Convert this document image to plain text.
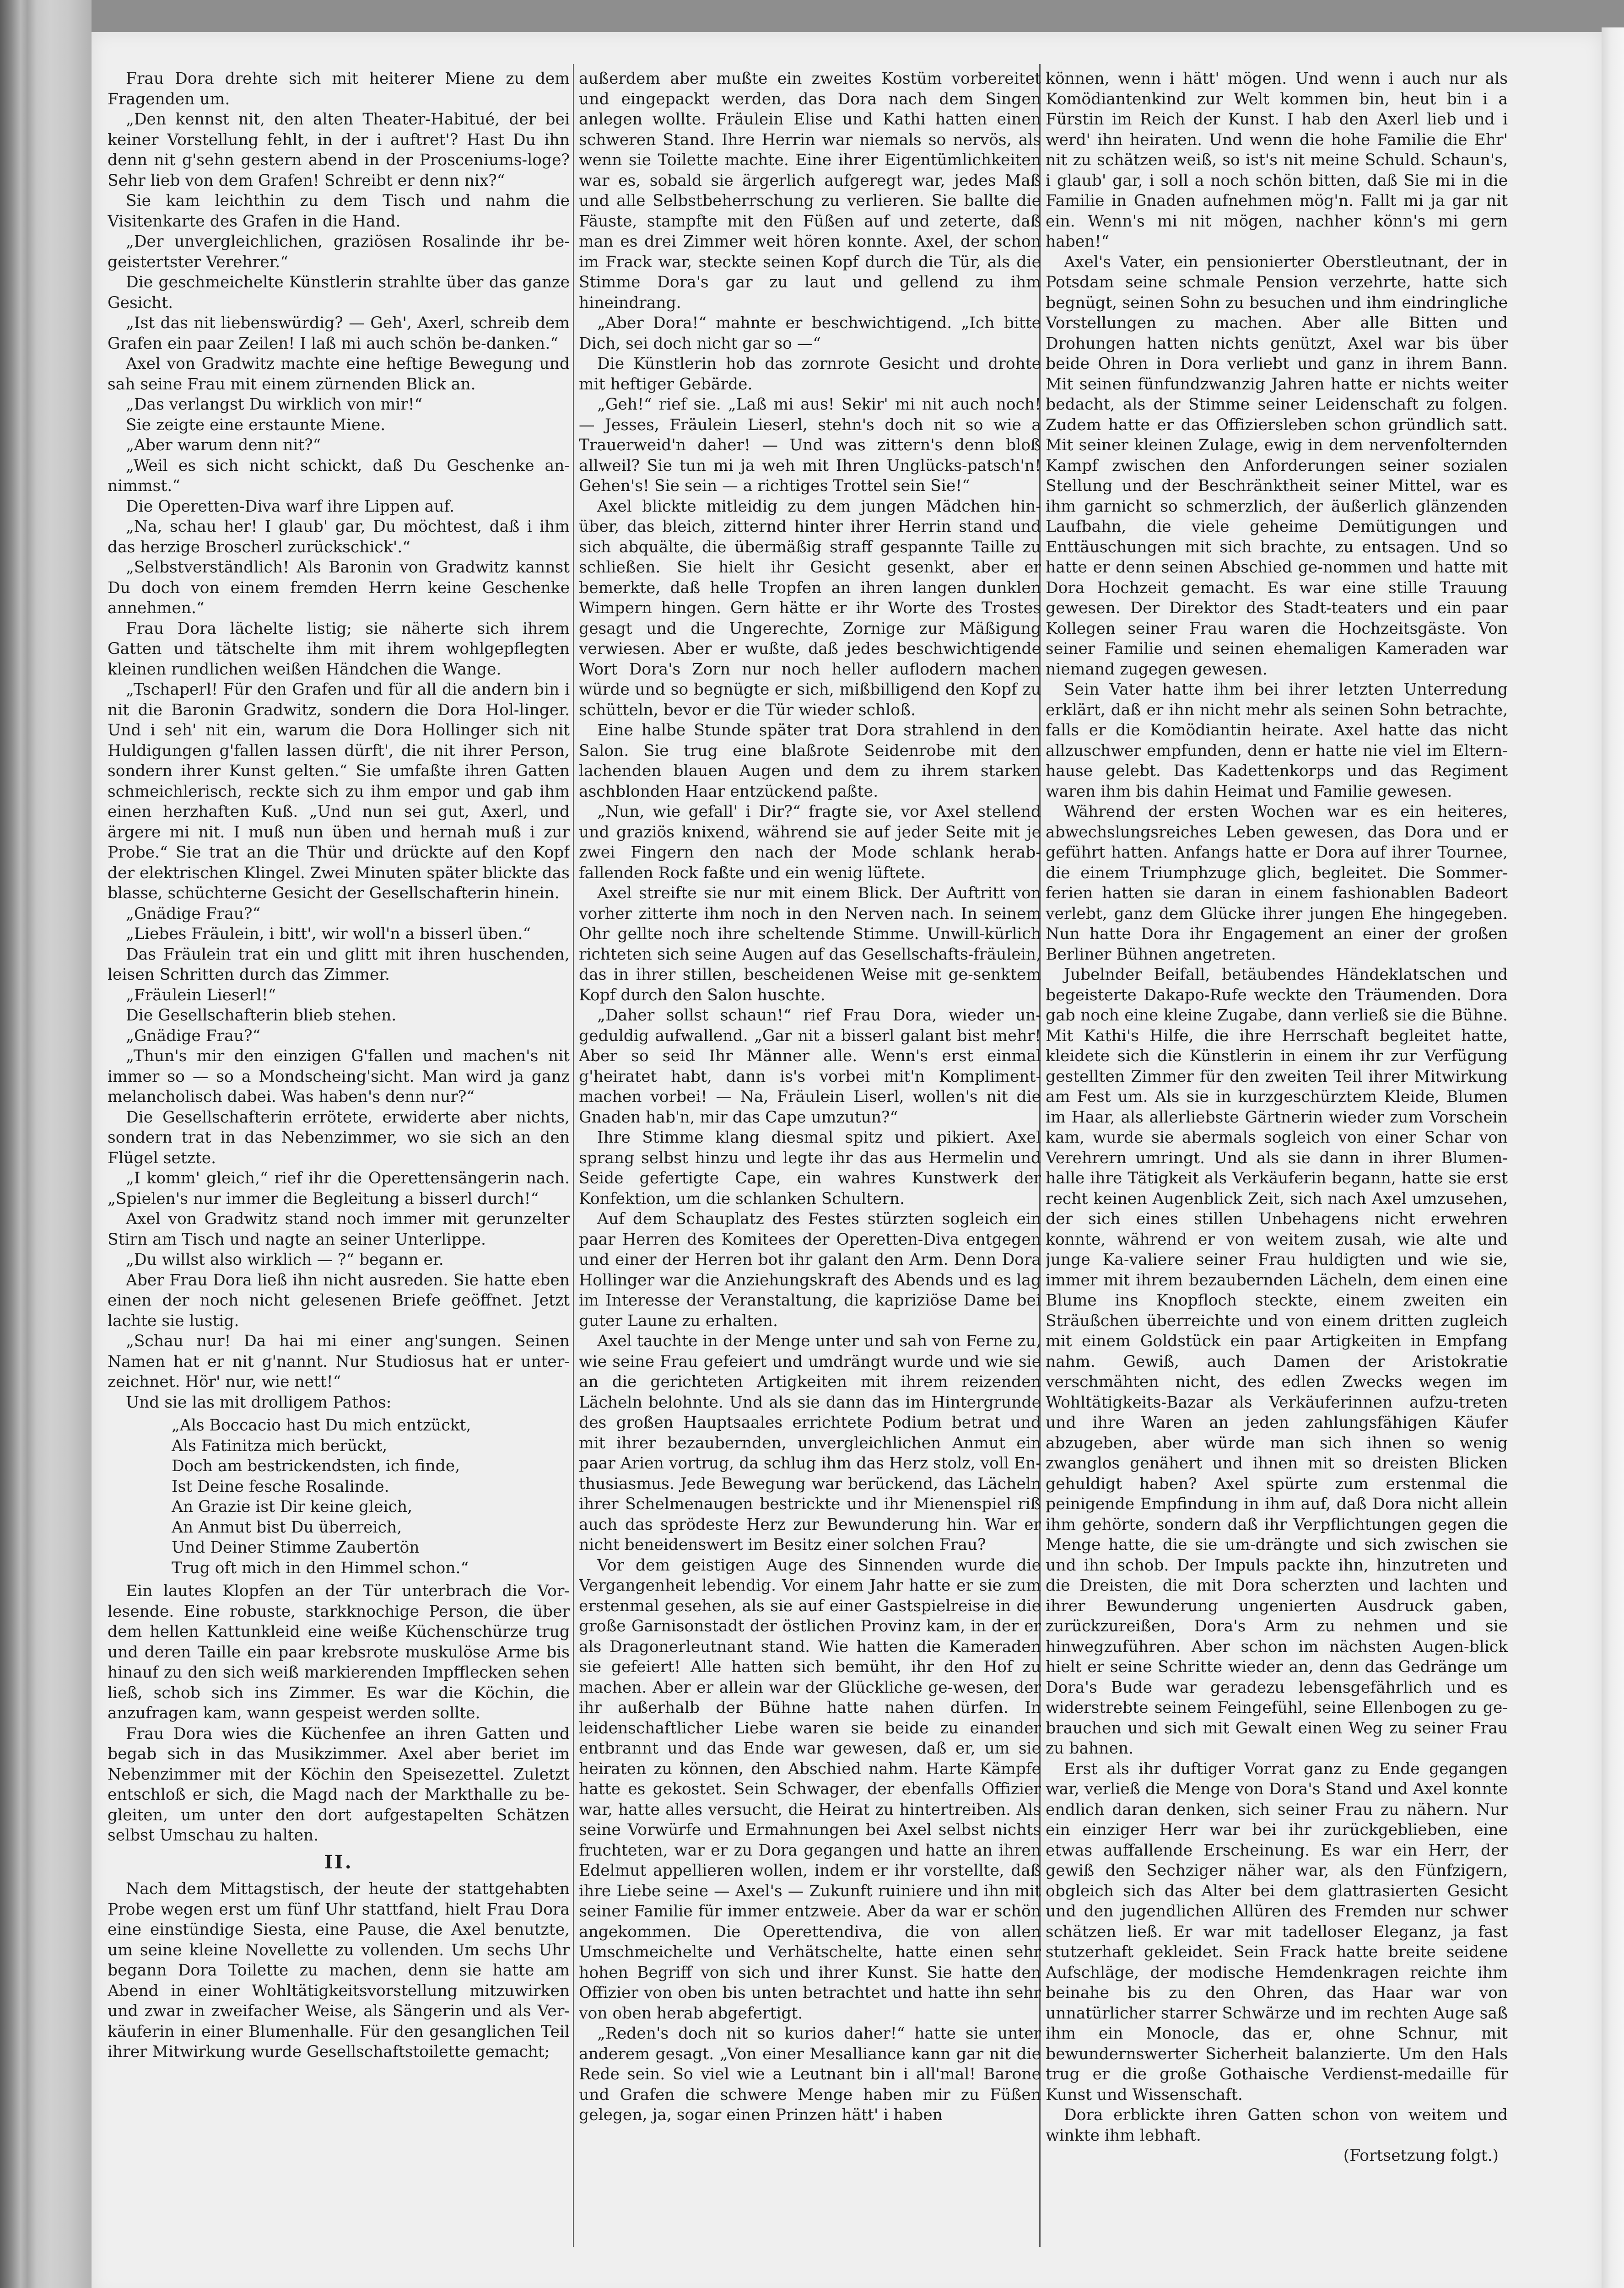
Frau Dora drehte sich mit heiterer Miene zu dem Fragenden um.

„Den kennst nit, den alten Theater-Habitué, der bei keiner Vorstellung fehlt, in der i auftret'? Hast Du ihn denn nit g'sehn gestern abend in der Prosceniums-loge? Sehr lieb von dem Grafen! Schreibt er denn nix?“

Sie kam leichthin zu dem Tisch und nahm die Visitenkarte des Grafen in die Hand.

„Der unvergleichlichen, graziösen Rosalinde ihr be-geistertster Verehrer.“

Die geschmeichelte Künstlerin strahlte über das ganze Gesicht.

„Ist das nit liebenswürdig? — Geh', Axerl, schreib dem Grafen ein paar Zeilen! I laß mi auch schön be-danken.“

Axel von Gradwitz machte eine heftige Bewegung und sah seine Frau mit einem zürnenden Blick an.

„Das verlangst Du wirklich von mir!“

Sie zeigte eine erstaunte Miene.

„Aber warum denn nit?“

„Weil es sich nicht schickt, daß Du Geschenke an-nimmst.“

Die Operetten-Diva warf ihre Lippen auf.

„Na, schau her! I glaub' gar, Du möchtest, daß i ihm das herzige Broscherl zurückschick'.“

„Selbstverständlich! Als Baronin von Gradwitz kannst Du doch von einem fremden Herrn keine Geschenke annehmen.“

Frau Dora lächelte listig; sie näherte sich ihrem Gatten und tätschelte ihm mit ihrem wohlgepflegten kleinen rundlichen weißen Händchen die Wange.

„Tschaperl! Für den Grafen und für all die andern bin i nit die Baronin Gradwitz, sondern die Dora Hol-linger. Und i seh' nit ein, warum die Dora Hollinger sich nit Huldigungen g'fallen lassen dürft', die nit ihrer Person, sondern ihrer Kunst gelten.“ Sie umfaßte ihren Gatten schmeichlerisch, reckte sich zu ihm empor und gab ihm einen herzhaften Kuß. „Und nun sei gut, Axerl, und ärgere mi nit. I muß nun üben und hernah muß i zur Probe.“ Sie trat an die Thür und drückte auf den Kopf der elektrischen Klingel. Zwei Minuten später blickte das blasse, schüchterne Gesicht der Gesellschafterin hinein.

„Gnädige Frau?“

„Liebes Fräulein, i bitt', wir woll'n a bisserl üben.“

Das Fräulein trat ein und glitt mit ihren huschenden, leisen Schritten durch das Zimmer.

„Fräulein Lieserl!“

Die Gesellschafterin blieb stehen.

„Gnädige Frau?“

„Thun's mir den einzigen G'fallen und machen's nit immer so — so a Mondscheing'sicht. Man wird ja ganz melancholisch dabei. Was haben's denn nur?“

Die Gesellschafterin errötete, erwiderte aber nichts, sondern trat in das Nebenzimmer, wo sie sich an den Flügel setzte.

„I komm' gleich,“ rief ihr die Operettensängerin nach. „Spielen's nur immer die Begleitung a bisserl durch!“

Axel von Gradwitz stand noch immer mit gerunzelter Stirn am Tisch und nagte an seiner Unterlippe.

„Du willst also wirklich — ?“ begann er.

Aber Frau Dora ließ ihn nicht ausreden. Sie hatte eben einen der noch nicht gelesenen Briefe geöffnet. Jetzt lachte sie lustig.

„Schau nur! Da hai mi einer ang'sungen. Seinen Namen hat er nit g'nannt. Nur Studiosus hat er unter-zeichnet. Hör' nur, wie nett!“

Und sie las mit drolligem Pathos:

„Als Boccacio hast Du mich entzückt,
Als Fatinitza mich berückt,
Doch am bestrickendsten, ich finde,
Ist Deine fesche Rosalinde.
An Grazie ist Dir keine gleich,
An Anmut bist Du überreich,
Und Deiner Stimme Zaubertön
Trug oft mich in den Himmel schon.“

Ein lautes Klopfen an der Tür unterbrach die Vor-lesende. Eine robuste, starkknochige Person, die über dem hellen Kattunkleid eine weiße Küchenschürze trug und deren Taille ein paar krebsrote muskulöse Arme bis hinauf zu den sich weiß markierenden Impfflecken sehen ließ, schob sich ins Zimmer. Es war die Köchin, die anzufragen kam, wann gespeist werden sollte.

Frau Dora wies die Küchenfee an ihren Gatten und begab sich in das Musikzimmer. Axel aber beriet im Nebenzimmer mit der Köchin den Speisezettel. Zuletzt entschloß er sich, die Magd nach der Markthalle zu be-gleiten, um unter den dort aufgestapelten Schätzen selbst Umschau zu halten.

II.

Nach dem Mittagstisch, der heute der stattgehabten Probe wegen erst um fünf Uhr stattfand, hielt Frau Dora eine einstündige Siesta, eine Pause, die Axel benutzte, um seine kleine Novellette zu vollenden. Um sechs Uhr begann Dora Toilette zu machen, denn sie hatte am Abend in einer Wohltätigkeitsvorstellung mitzuwirken und zwar in zweifacher Weise, als Sängerin und als Ver-käuferin in einer Blumenhalle. Für den gesanglichen Teil ihrer Mitwirkung wurde Gesellschaftstoilette gemacht;

außerdem aber mußte ein zweites Kostüm vorbereitet und eingepackt werden, das Dora nach dem Singen anlegen wollte. Fräulein Elise und Kathi hatten einen schweren Stand. Ihre Herrin war niemals so nervös, als wenn sie Toilette machte. Eine ihrer Eigentümlichkeiten war es, sobald sie ärgerlich aufgeregt war, jedes Maß und alle Selbstbeherrschung zu verlieren. Sie ballte die Fäuste, stampfte mit den Füßen auf und zeterte, daß man es drei Zimmer weit hören konnte. Axel, der schon im Frack war, steckte seinen Kopf durch die Tür, als die Stimme Dora's gar zu laut und gellend zu ihm hineindrang.

„Aber Dora!“ mahnte er beschwichtigend. „Ich bitte Dich, sei doch nicht gar so —“

Die Künstlerin hob das zornrote Gesicht und drohte mit heftiger Gebärde.

„Geh!“ rief sie. „Laß mi aus! Sekir' mi nit auch noch! — Jesses, Fräulein Lieserl, stehn's doch nit so wie a Trauerweid'n daher! — Und was zittern's denn bloß allweil? Sie tun mi ja weh mit Ihren Unglücks-patsch'n! Gehen's! Sie sein — a richtiges Trottel sein Sie!“

Axel blickte mitleidig zu dem jungen Mädchen hin-über, das bleich, zitternd hinter ihrer Herrin stand und sich abquälte, die übermäßig straff gespannte Taille zu schließen. Sie hielt ihr Gesicht gesenkt, aber er bemerkte, daß helle Tropfen an ihren langen dunklen Wimpern hingen. Gern hätte er ihr Worte des Trostes gesagt und die Ungerechte, Zornige zur Mäßigung verwiesen. Aber er wußte, daß jedes beschwichtigende Wort Dora's Zorn nur noch heller auflodern machen würde und so begnügte er sich, mißbilligend den Kopf zu schütteln, bevor er die Tür wieder schloß.

Eine halbe Stunde später trat Dora strahlend in den Salon. Sie trug eine blaßrote Seidenrobe mit den lachenden blauen Augen und dem zu ihrem starken aschblonden Haar entzückend paßte.

„Nun, wie gefall' i Dir?“ fragte sie, vor Axel stellend und graziös knixend, während sie auf jeder Seite mit je zwei Fingern den nach der Mode schlank herab-fallenden Rock faßte und ein wenig lüftete.

Axel streifte sie nur mit einem Blick. Der Auftritt von vorher zitterte ihm noch in den Nerven nach. In seinem Ohr gellte noch ihre scheltende Stimme. Unwill-kürlich richteten sich seine Augen auf das Gesellschafts-fräulein, das in ihrer stillen, bescheidenen Weise mit ge-senktem Kopf durch den Salon huschte.

„Daher sollst schaun!“ rief Frau Dora, wieder un-geduldig aufwallend. „Gar nit a bisserl galant bist mehr! Aber so seid Ihr Männer alle. Wenn's erst einmal g'heiratet habt, dann is's vorbei mit'n Kompliment-machen vorbei! — Na, Fräulein Liserl, wollen's nit die Gnaden hab'n, mir das Cape umzutun?“

Ihre Stimme klang diesmal spitz und pikiert. Axel sprang selbst hinzu und legte ihr das aus Hermelin und Seide gefertigte Cape, ein wahres Kunstwerk der Konfektion, um die schlanken Schultern.

Auf dem Schauplatz des Festes stürzten sogleich ein paar Herren des Komitees der Operetten-Diva entgegen und einer der Herren bot ihr galant den Arm. Denn Dora Hollinger war die Anziehungskraft des Abends und es lag im Interesse der Veranstaltung, die kapriziöse Dame bei guter Laune zu erhalten.

Axel tauchte in der Menge unter und sah von Ferne zu, wie seine Frau gefeiert und umdrängt wurde und wie sie an die gerichteten Artigkeiten mit ihrem reizenden Lächeln belohnte. Und als sie dann das im Hintergrunde des großen Hauptsaales errichtete Podium betrat und mit ihrer bezaubernden, unvergleichlichen Anmut ein paar Arien vortrug, da schlug ihm das Herz stolz, voll En-thusiasmus. Jede Bewegung war berückend, das Lächeln ihrer Schelmenaugen bestrickte und ihr Mienenspiel riß auch das sprödeste Herz zur Bewunderung hin. War er nicht beneidenswert im Besitz einer solchen Frau?

Vor dem geistigen Auge des Sinnenden wurde die Vergangenheit lebendig. Vor einem Jahr hatte er sie zum erstenmal gesehen, als sie auf einer Gastspielreise in die große Garnisonstadt der östlichen Provinz kam, in der er als Dragonerleutnant stand. Wie hatten die Kameraden sie gefeiert! Alle hatten sich bemüht, ihr den Hof zu machen. Aber er allein war der Glückliche ge-wesen, der ihr außerhalb der Bühne hatte nahen dürfen. In leidenschaftlicher Liebe waren sie beide zu einander entbrannt und das Ende war gewesen, daß er, um sie heiraten zu können, den Abschied nahm. Harte Kämpfe hatte es gekostet. Sein Schwager, der ebenfalls Offizier war, hatte alles versucht, die Heirat zu hintertreiben. Als seine Vorwürfe und Ermahnungen bei Axel selbst nichts fruchteten, war er zu Dora gegangen und hatte an ihren Edelmut appellieren wollen, indem er ihr vorstellte, daß ihre Liebe seine — Axel's — Zukunft ruiniere und ihn mit seiner Familie für immer entzweie. Aber da war er schön angekommen. Die Operettendiva, die von allen Umschmeichelte und Verhätschelte, hatte einen sehr hohen Begriff von sich und ihrer Kunst. Sie hatte den Offizier von oben bis unten betrachtet und hatte ihn sehr von oben herab abgefertigt.

„Reden's doch nit so kurios daher!“ hatte sie unter anderem gesagt. „Von einer Mesalliance kann gar nit die Rede sein. So viel wie a Leutnant bin i all'mal! Barone und Grafen die schwere Menge haben mir zu Füßen gelegen, ja, sogar einen Prinzen hätt' i haben

können, wenn i hätt' mögen. Und wenn i auch nur als Komödiantenkind zur Welt kommen bin, heut bin i a Fürstin im Reich der Kunst. I hab den Axerl lieb und i werd' ihn heiraten. Und wenn die hohe Familie die Ehr' nit zu schätzen weiß, so ist's nit meine Schuld. Schaun's, i glaub' gar, i soll a noch schön bitten, daß Sie mi in die Familie in Gnaden aufnehmen mög'n. Fallt mi ja gar nit ein. Wenn's mi nit mögen, nachher könn's mi gern haben!“

Axel's Vater, ein pensionierter Oberstleutnant, der in Potsdam seine schmale Pension verzehrte, hatte sich begnügt, seinen Sohn zu besuchen und ihm eindringliche Vorstellungen zu machen. Aber alle Bitten und Drohungen hatten nichts genützt, Axel war bis über beide Ohren in Dora verliebt und ganz in ihrem Bann. Mit seinen fünfundzwanzig Jahren hatte er nichts weiter bedacht, als der Stimme seiner Leidenschaft zu folgen. Zudem hatte er das Offiziersleben schon gründlich satt. Mit seiner kleinen Zulage, ewig in dem nervenfolternden Kampf zwischen den Anforderungen seiner sozialen Stellung und der Beschränktheit seiner Mittel, war es ihm garnicht so schmerzlich, der äußerlich glänzenden Laufbahn, die viele geheime Demütigungen und Enttäuschungen mit sich brachte, zu entsagen. Und so hatte er denn seinen Abschied ge-nommen und hatte mit Dora Hochzeit gemacht. Es war eine stille Trauung gewesen. Der Direktor des Stadt-teaters und ein paar Kollegen seiner Frau waren die Hochzeitsgäste. Von seiner Familie und seinen ehemaligen Kameraden war niemand zugegen gewesen.

Sein Vater hatte ihm bei ihrer letzten Unterredung erklärt, daß er ihn nicht mehr als seinen Sohn betrachte, falls er die Komödiantin heirate. Axel hatte das nicht allzuschwer empfunden, denn er hatte nie viel im Eltern-hause gelebt. Das Kadettenkorps und das Regiment waren ihm bis dahin Heimat und Familie gewesen.

Während der ersten Wochen war es ein heiteres, abwechslungsreiches Leben gewesen, das Dora und er geführt hatten. Anfangs hatte er Dora auf ihrer Tournee, die einem Triumphzuge glich, begleitet. Die Sommer-ferien hatten sie daran in einem fashionablen Badeort verlebt, ganz dem Glücke ihrer jungen Ehe hingegeben. Nun hatte Dora ihr Engagement an einer der großen Berliner Bühnen angetreten.

Jubelnder Beifall, betäubendes Händeklatschen und begeisterte Dakapo-Rufe weckte den Träumenden. Dora gab noch eine kleine Zugabe, dann verließ sie die Bühne. Mit Kathi's Hilfe, die ihre Herrschaft begleitet hatte, kleidete sich die Künstlerin in einem ihr zur Verfügung gestellten Zimmer für den zweiten Teil ihrer Mitwirkung am Fest um. Als sie in kurzgeschürztem Kleide, Blumen im Haar, als allerliebste Gärtnerin wieder zum Vorschein kam, wurde sie abermals sogleich von einer Schar von Verehrern umringt. Und als sie dann in ihrer Blumen-halle ihre Tätigkeit als Verkäuferin begann, hatte sie erst recht keinen Augenblick Zeit, sich nach Axel umzusehen, der sich eines stillen Unbehagens nicht erwehren konnte, während er von weitem zusah, wie alte und junge Ka-valiere seiner Frau huldigten und wie sie, immer mit ihrem bezaubernden Lächeln, dem einen eine Blume ins Knopfloch steckte, einem zweiten ein Sträußchen überreichte und von einem dritten zugleich mit einem Goldstück ein paar Artigkeiten in Empfang nahm. Gewiß, auch Damen der Aristokratie verschmähten nicht, des edlen Zwecks wegen im Wohltätigkeits-Bazar als Verkäuferinnen aufzu-treten und ihre Waren an jeden zahlungsfähigen Käufer abzugeben, aber würde man sich ihnen so wenig zwanglos genähert und ihnen mit so dreisten Blicken gehuldigt haben? Axel spürte zum erstenmal die peinigende Empfindung in ihm auf, daß Dora nicht allein ihm gehörte, sondern daß ihr Verpflichtungen gegen die Menge hatte, die sie um-drängte und sich zwischen sie und ihn schob. Der Impuls packte ihn, hinzutreten und die Dreisten, die mit Dora scherzten und lachten und ihrer Bewunderung ungenierten Ausdruck gaben, zurückzureißen, Dora's Arm zu nehmen und sie hinwegzuführen. Aber schon im nächsten Augen-blick hielt er seine Schritte wieder an, denn das Gedränge um Dora's Bude war geradezu lebensgefährlich und es widerstrebte seinem Feingefühl, seine Ellenbogen zu ge-brauchen und sich mit Gewalt einen Weg zu seiner Frau zu bahnen.

Erst als ihr duftiger Vorrat ganz zu Ende gegangen war, verließ die Menge von Dora's Stand und Axel konnte endlich daran denken, sich seiner Frau zu nähern. Nur ein einziger Herr war bei ihr zurückgeblieben, eine etwas auffallende Erscheinung. Es war ein Herr, der gewiß den Sechziger näher war, als den Fünfzigern, obgleich sich das Alter bei dem glattrasierten Gesicht und den jugendlichen Allüren des Fremden nur schwer schätzen ließ. Er war mit tadelloser Eleganz, ja fast stutzerhaft gekleidet. Sein Frack hatte breite seidene Aufschläge, der modische Hemdenkragen reichte ihm beinahe bis zu den Ohren, das Haar war von unnatürlicher starrer Schwärze und im rechten Auge saß ihm ein Monocle, das er, ohne Schnur, mit bewundernswerter Sicherheit balanzierte. Um den Hals trug er die große Gothaische Verdienst-medaille für Kunst und Wissenschaft.

Dora erblickte ihren Gatten schon von weitem und winkte ihm lebhaft.

(Fortsetzung folgt.)
